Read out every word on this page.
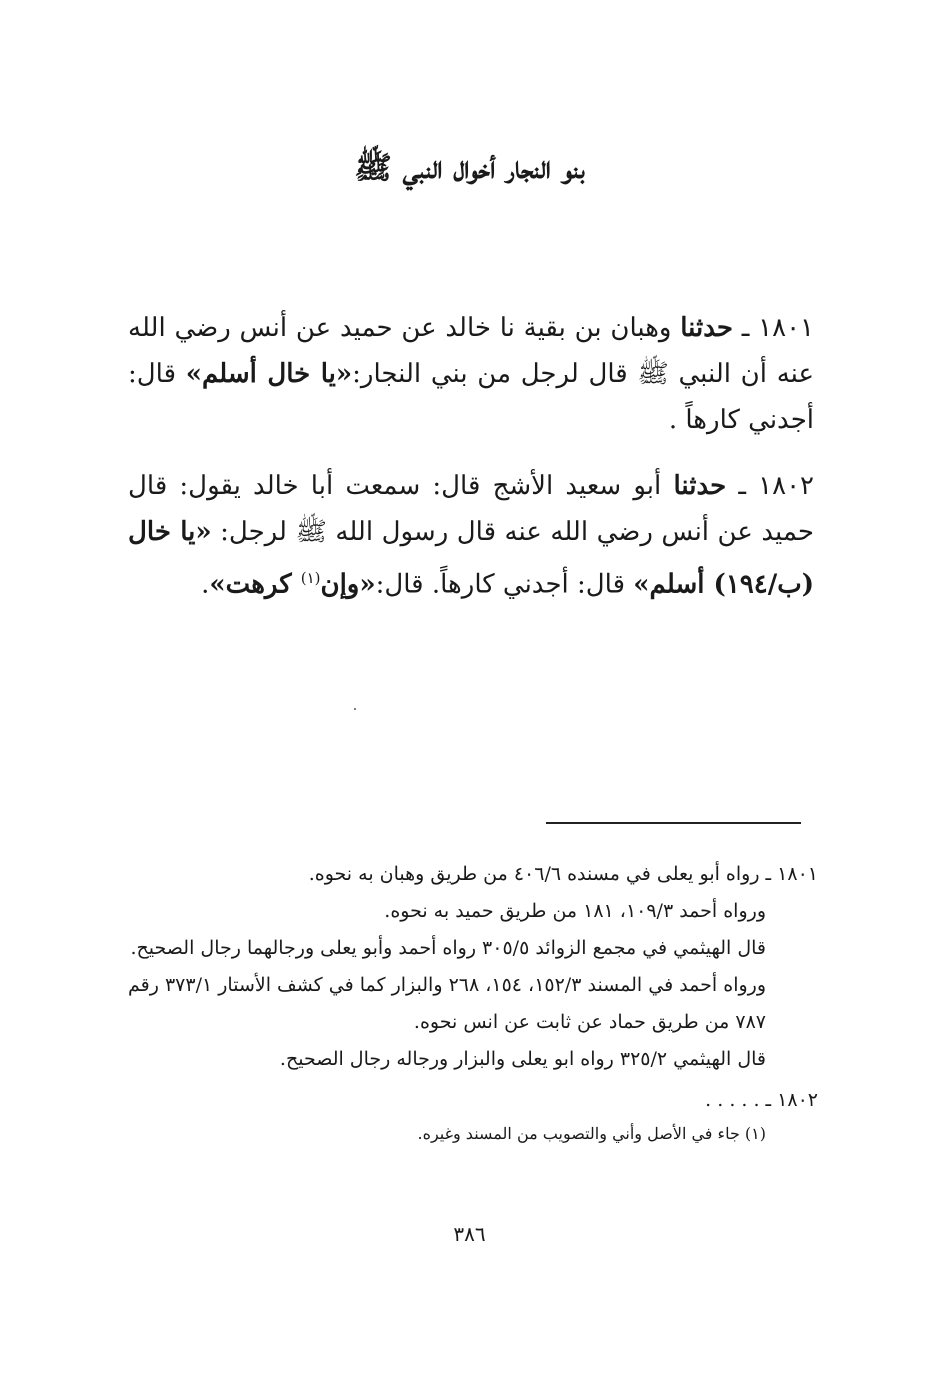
بنو النجار أخوال النبي ﷺ

١٨٠١ ـ حدثنا وهبان بن بقية نا خالد عن حميد عن أنس رضي الله عنه أن النبي ﷺ قال لرجل من بني النجار:«يا خال أسلم» قال: أجدني كارهاً .

١٨٠٢ ـ حدثنا أبو سعيد الأشج قال: سمعت أبا خالد يقول: قال حميد عن أنس رضي الله عنه قال رسول الله ﷺ لرجل: «يا خال (ب/١٩٤) أسلم» قال: أجدني كارهاً. قال:«وإن$^{(١)}$ كرهت».

١٨٠١ ـ رواه أبو يعلى في مسنده ٤٠٦/٦ من طريق وهبان به نحوه.

ورواه أحمد ١٠٩/٣، ١٨١ من طريق حميد به نحوه.

قال الهيثمي في مجمع الزوائد ٣٠٥/٥ رواه أحمد وأبو يعلى ورجالهما رجال الصحيح.

ورواه أحمد في المسند ١٥٢/٣، ١٥٤، ٢٦٨ والبزار كما في كشف الأستار ٣٧٣/١ رقم ٧٨٧ من طريق حماد عن ثابت عن انس نحوه.

قال الهيثمي ٣٢٥/٢ رواه ابو يعلى والبزار ورجاله رجال الصحيح.

١٨٠٢ ـ . . . . .

(١) جاء في الأصل وأني والتصويب من المسند وغيره.

٣٨٦
